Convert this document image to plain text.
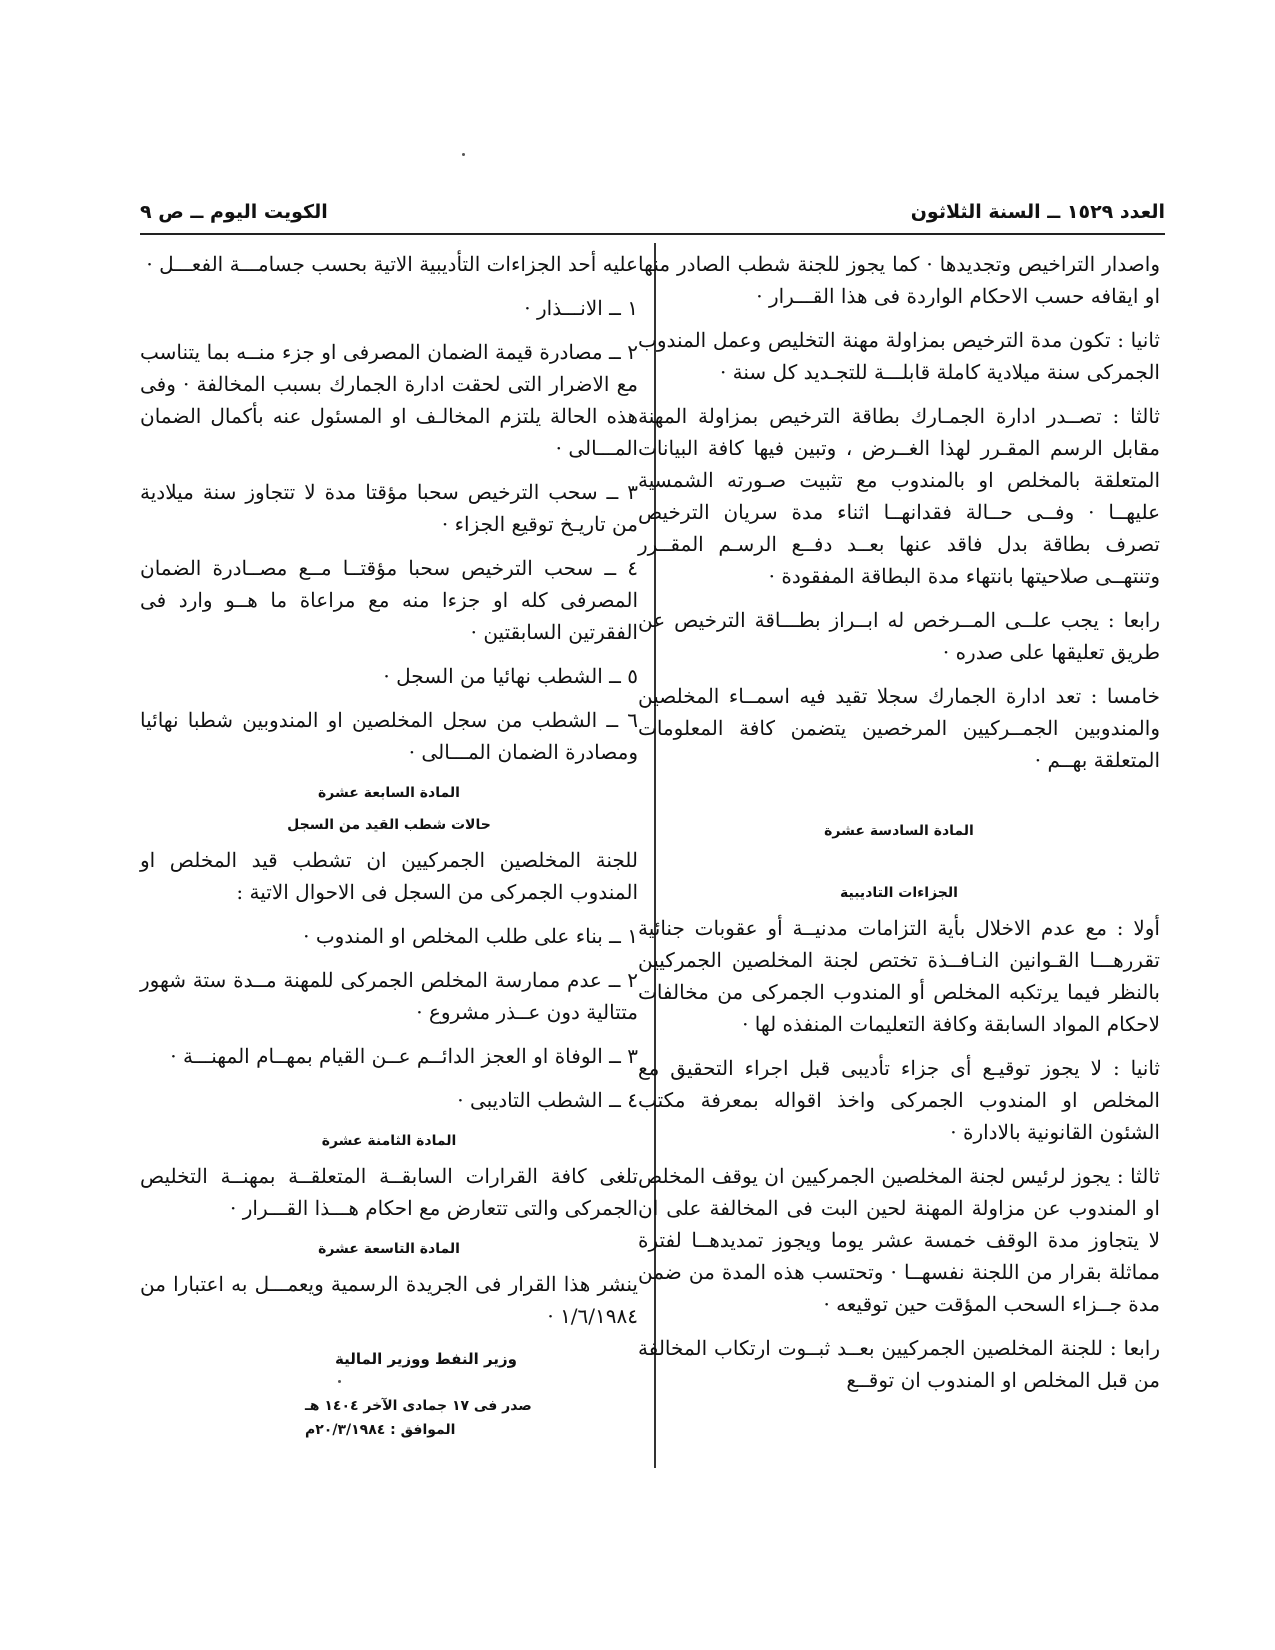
العدد ١٥٢٩ ــ السنة الثلاثون
الكويت اليوم ــ ص ٩

واصدار التراخيص وتجديدها · كما يجوز للجنة شطب الصادر منها او ايقافه حسب الاحكام الواردة فى هذا القـــرار ·

ثانيا : تكون مدة الترخيص بمزاولة مهنة التخليص وعمل المندوب الجمركى سنة ميلادية كاملة قابلـــة للتجـديد كل سنة ·

ثالثا : تصــدر ادارة الجمـارك بطاقة الترخيص بمزاولة المهنة مقابل الرسم المقـرر لهذا الغــرض ، وتبين فيها كافة البيانات المتعلقة بالمخلص او بالمندوب مع تثبيت صـورته الشمسية عليهــا · وفــى حــالة فقدانهــا اثناء مدة سريان الترخيص تصرف بطاقة بدل فاقد عنها بعــد دفــع الرسـم المقــرر وتنتهــى صلاحيتها بانتهاء مدة البطاقة المفقودة ·

رابعا : يجب علــى المــرخص له ابــراز بطـــاقة الترخيص عن طريق تعليقها على صدره ·

خامسا : تعد ادارة الجمارك سجلا تقيد فيه اسمــاء المخلصين والمندوبين الجمــركيين المرخصين يتضمن كافة المعلومات المتعلقة بهــم ·

المادة السادسة عشرة
الجزاءات التاديبية

أولا : مع عدم الاخلال بأية التزامات مدنيــة أو عقوبات جنائية تقررهـــا القـوانين النـافــذة تختص لجنة المخلصين الجمركيين بالنظر فيما يرتكبه المخلص أو المندوب الجمركى من مخالفات لاحكام المواد السابقة وكافة التعليمات المنفذه لها ·

ثانيا : لا يجوز توقيـع أى جزاء تأديبى قبل اجراء التحقيق مع المخلص او المندوب الجمركى واخذ اقواله بمعرفة مكتب الشئون القانونية بالادارة ·

ثالثا : يجوز لرئيس لجنة المخلصين الجمركيين ان يوقف المخلص او المندوب عن مزاولة المهنة لحين البت فى المخالفة على ان لا يتجاوز مدة الوقف خمسة عشر يوما ويجوز تمديدهــا لفترة مماثلة بقرار من اللجنة نفسهــا · وتحتسب هذه المدة من ضمن مدة جــزاء السحب المؤقت حين توقيعه ·

رابعا : للجنة المخلصين الجمركيين بعــد ثبــوت ارتكاب المخالفة من قبل المخلص او المندوب ان توقــع

عليه أحد الجزاءات التأديبية الاتية بحسب جسامـــة الفعـــل ·

١ ــ الانـــذار ·

٢ ــ مصادرة قيمة الضمان المصرفى او جزء منــه بما يتناسب مع الاضرار التى لحقت ادارة الجمارك بسبب المخالفة · وفى هذه الحالة يلتزم المخالـف او المسئول عنه بأكمال الضمان المـــالى ·

٣ ــ سحب الترخيص سحبا مؤقتا مدة لا تتجاوز سنة ميلادية من تاريـخ توقيع الجزاء ·

٤ ــ سحب الترخيص سحبا مؤقتــا مــع مصــادرة الضمان المصرفى كله او جزءا منه مع مراعاة ما هــو وارد فى الفقرتين السابقتين ·

٥ ــ الشطب نهائيا من السجل ·

٦ ــ الشطب من سجل المخلصين او المندوبين شطبا نهائيا ومصادرة الضمان المـــالى ·

المادة السابعة عشرة
حالات شطب القيد من السجل

للجنة المخلصين الجمركيين ان تشطب قيد المخلص او المندوب الجمركى من السجل فى الاحوال الاتية :

١ ــ بناء على طلب المخلص او المندوب ·

٢ ــ عدم ممارسة المخلص الجمركى للمهنة مــدة ستة شهور متتالية دون عــذر مشروع ·

٣ ــ الوفاة او العجز الدائــم عــن القيام بمهــام المهنـــة ·

٤ ــ الشطب التاديبى ·

المادة الثامنة عشرة

تلغى كافة القرارات السابقــة المتعلقــة بمهنــة التخليص الجمركى والتى تتعارض مع احكام هـــذا القـــرار ·

المادة التاسعة عشرة

ينشر هذا القرار فى الجريدة الرسمية ويعمـــل به اعتبارا من ١/٦/١٩٨٤ ·

وزير النفط ووزير المالية
صدر فى ١٧ جمادى الآخر ١٤٠٤ هـ
الموافق : ٢٠/٣/١٩٨٤م
